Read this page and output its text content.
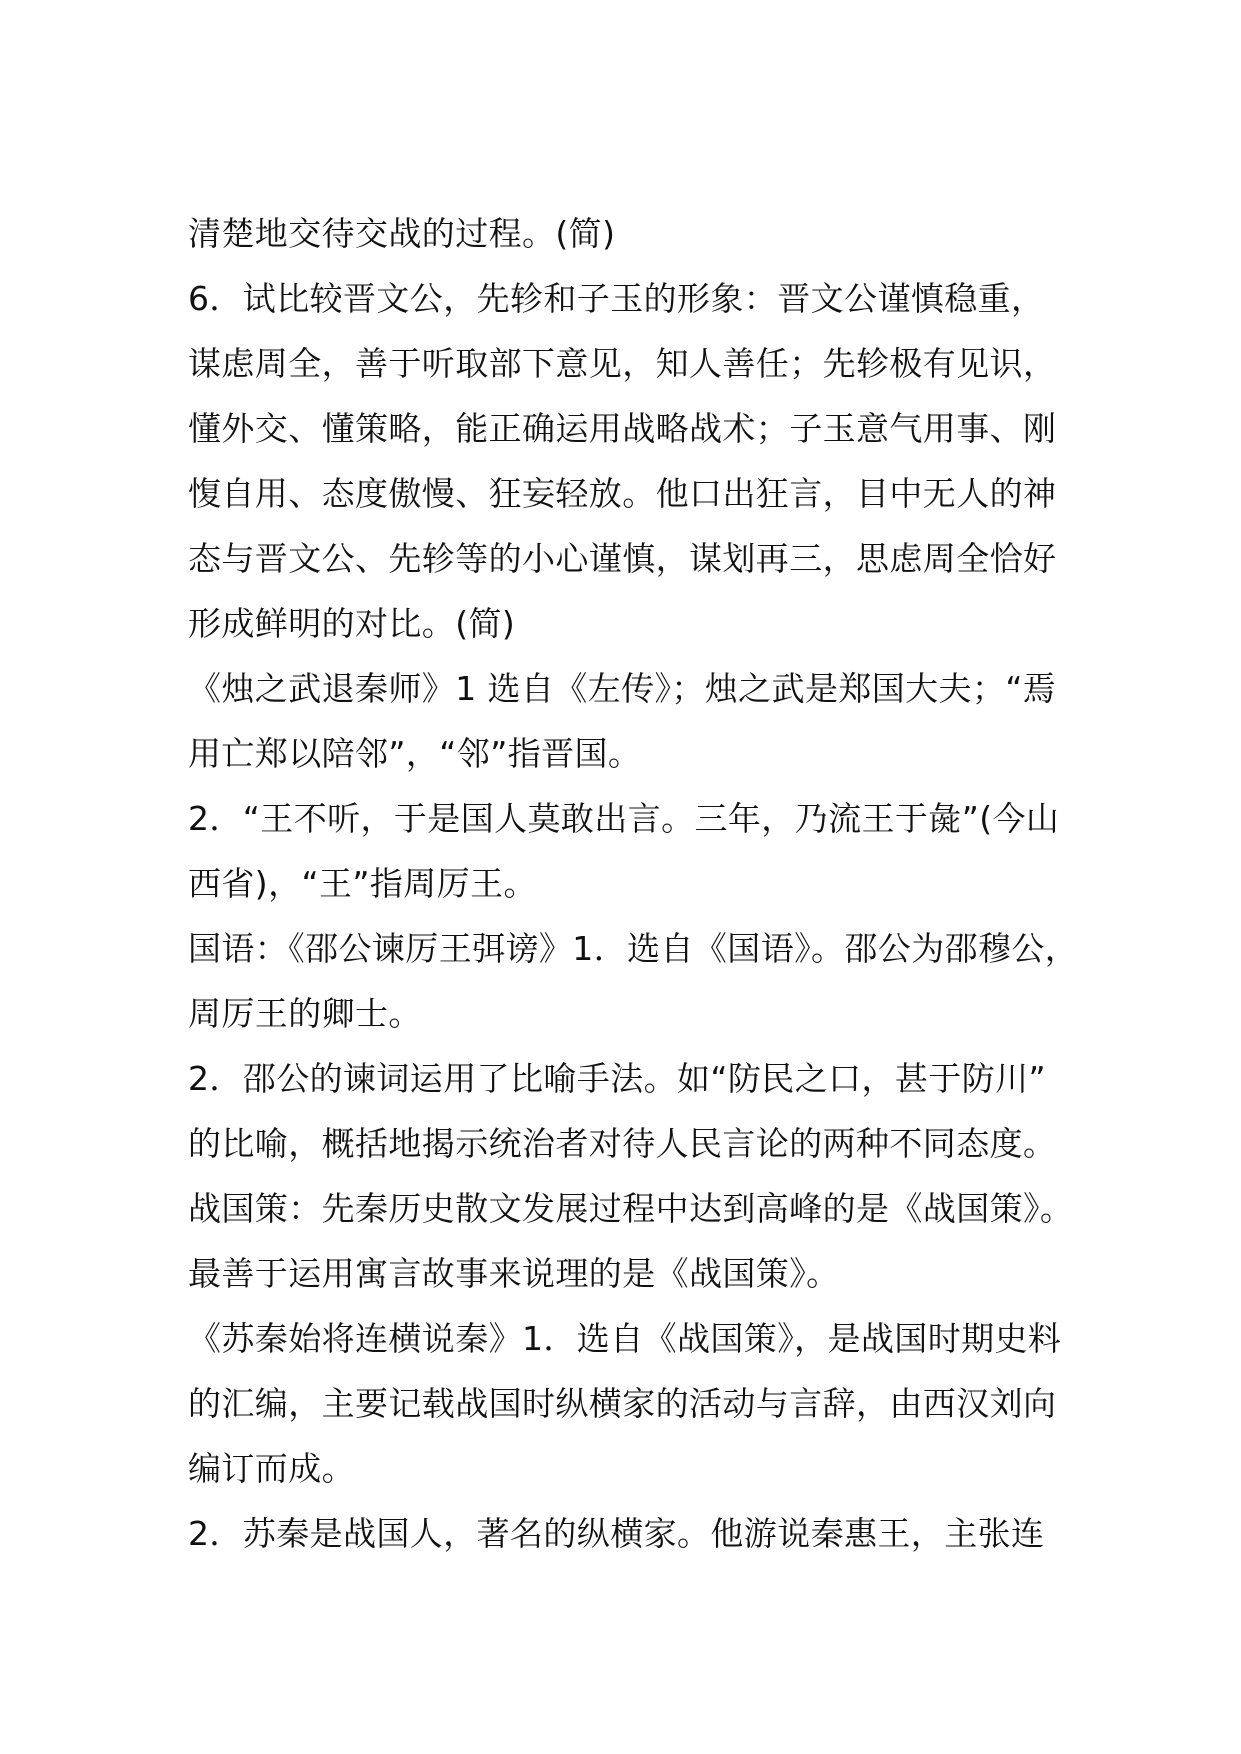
清楚地交待交战的过程。(简)
6．试比较晋文公，先轸和子玉的形象：晋文公谨慎稳重，
谋虑周全，善于听取部下意见，知人善任；先轸极有见识，
懂外交、懂策略，能正确运用战略战术；子玉意气用事、刚
愎自用、态度傲慢、狂妄轻放。他口出狂言，目中无人的神
态与晋文公、先轸等的小心谨慎，谋划再三，思虑周全恰好
形成鲜明的对比。(简)
《烛之武退秦师》1 选自《左传》；烛之武是郑国大夫；“焉
用亡郑以陪邻”，“邻”指晋国。
2．“王不听，于是国人莫敢出言。三年，乃流王于彘”(今山
西省)，“王”指周厉王。
国语：《邵公谏厉王弭谤》1．选自《国语》。邵公为邵穆公，
周厉王的卿士。
2．邵公的谏词运用了比喻手法。如“防民之口，甚于防川”
的比喻，概括地揭示统治者对待人民言论的两种不同态度。
战国策：先秦历史散文发展过程中达到高峰的是《战国策》。
最善于运用寓言故事来说理的是《战国策》。
《苏秦始将连横说秦》1．选自《战国策》，是战国时期史料
的汇编，主要记载战国时纵横家的活动与言辞，由西汉刘向
编订而成。
2．苏秦是战国人，著名的纵横家。他游说秦惠王，主张连
